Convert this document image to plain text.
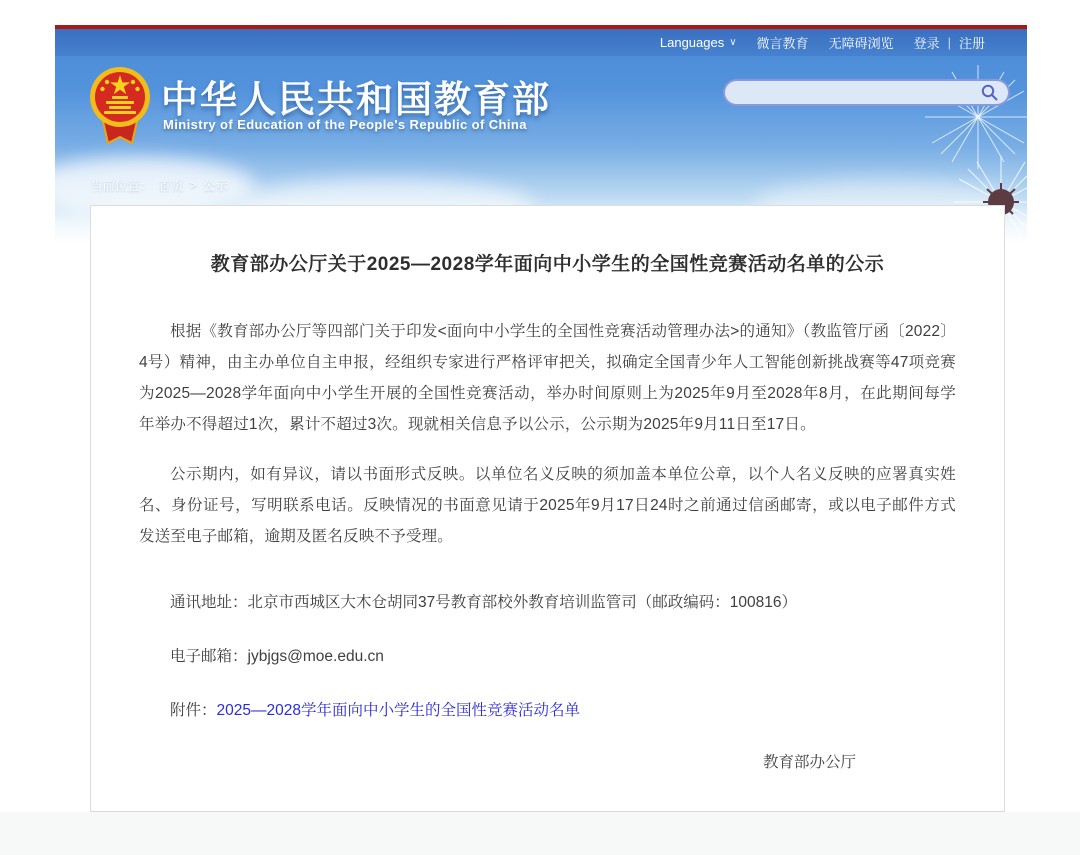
Languages ∨ 微言教育 无障碍浏览 登录 | 注册
中华人民共和国教育部
Ministry of Education of the People's Republic of China
当前位置： 首页 > 公示
教育部办公厅关于2025—2028学年面向中小学生的全国性竞赛活动名单的公示

根据《教育部办公厅等四部门关于印发<面向中小学生的全国性竞赛活动管理办法>的通知》（教监管厅函〔2022〕4号）精神，由主办单位自主申报，经组织专家进行严格评审把关，拟确定全国青少年人工智能创新挑战赛等47项竞赛为2025—2028学年面向中小学生开展的全国性竞赛活动，举办时间原则上为2025年9月至2028年8月，在此期间每学年举办不得超过1次，累计不超过3次。现就相关信息予以公示，公示期为2025年9月11日至17日。

公示期内，如有异议，请以书面形式反映。以单位名义反映的须加盖本单位公章，以个人名义反映的应署真实姓名、身份证号，写明联系电话。反映情况的书面意见请于2025年9月17日24时之前通过信函邮寄，或以电子邮件方式发送至电子邮箱，逾期及匿名反映不予受理。

通讯地址：北京市西城区大木仓胡同37号教育部校外教育培训监管司（邮政编码：100816）

电子邮箱：jybjgs@moe.edu.cn

附件：2025—2028学年面向中小学生的全国性竞赛活动名单

教育部办公厅
